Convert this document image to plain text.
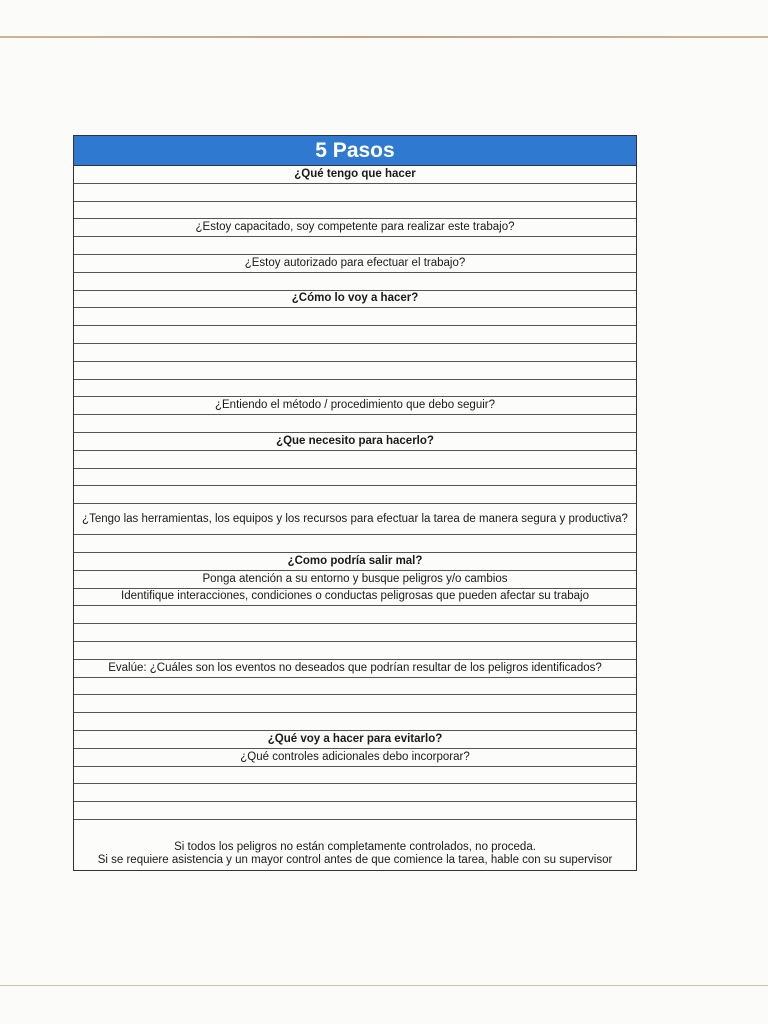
5 Pasos
¿Qué tengo que hacer
¿Estoy capacitado, soy competente para realizar este trabajo?
¿Estoy autorizado para efectuar el trabajo?
¿Cómo lo voy a hacer?
¿Entiendo el método / procedimiento que debo seguir?
¿Que necesito para hacerlo?
¿Tengo las herramientas, los equipos y los recursos para efectuar la tarea de manera segura y productiva?
¿Como podría salir mal?
Ponga atención a su entorno y busque peligros y/o cambios
Identifique interacciones, condiciones o conductas peligrosas que pueden afectar su trabajo
Evalúe: ¿Cuáles son los eventos no deseados que podrían resultar de los peligros identificados?
¿Qué voy a hacer para evitarlo?
¿Qué controles adicionales debo incorporar?
Si todos los peligros no están completamente controlados, no proceda.
Si se requiere asistencia y un mayor control antes de que comience la tarea, hable con su supervisor
